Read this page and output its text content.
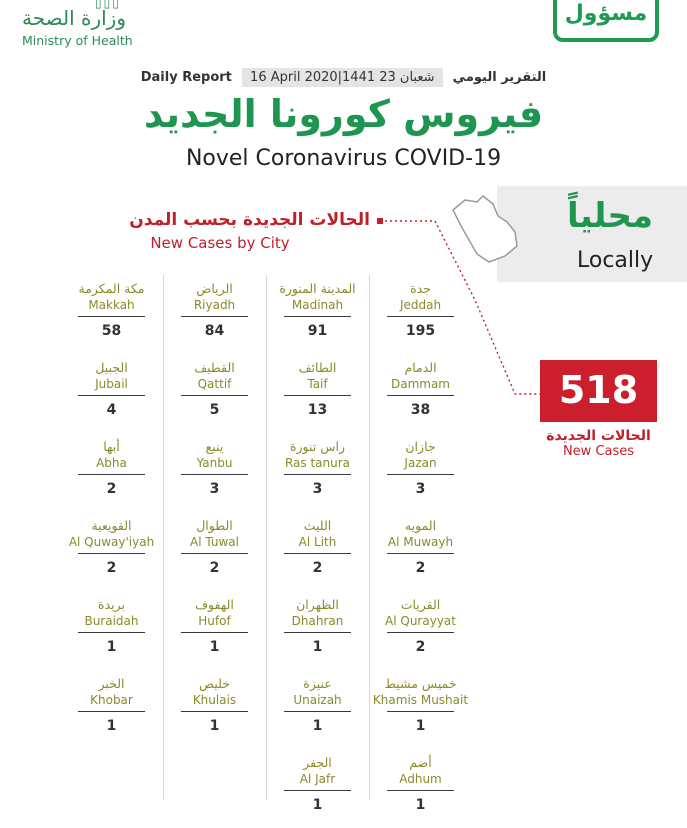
▯▯▯
وزارة الصحة
Ministry of Health
مسؤول
Daily Report 16 April 2020|1441 23 شعبان التقرير اليومي
فيروس كورونا الجديد
Novel Coronavirus COVID-19
محلياً
Locally
الحالات الجديدة بحسب المدن
New Cases by City
518
الحالات الجديدة
New Cases
جدة
Jeddah
195
المدينة المنورة
Madinah
91
الرياض
Riyadh
84
مكة المكرمة
Makkah
58
الدمام
Dammam
38
الطائف
Taif
13
القطيف
Qattif
5
الجبيل
Jubail
4
جازان
Jazan
3
راس تنورة
Ras tanura
3
ينبع
Yanbu
3
أبها
Abha
2
المويه
Al Muwayh
2
الليث
Al Lith
2
الطوال
Al Tuwal
2
القويعية
Al Quway'iyah
2
القريات
Al Qurayyat
2
الظهران
Dhahran
1
الهفوف
Hufof
1
بريدة
Buraidah
1
خميس مشيط
Khamis Mushait
1
عنيزة
Unaizah
1
خليص
Khulais
1
الخبر
Khobar
1
أضم
Adhum
1
الجفر
Al Jafr
1
